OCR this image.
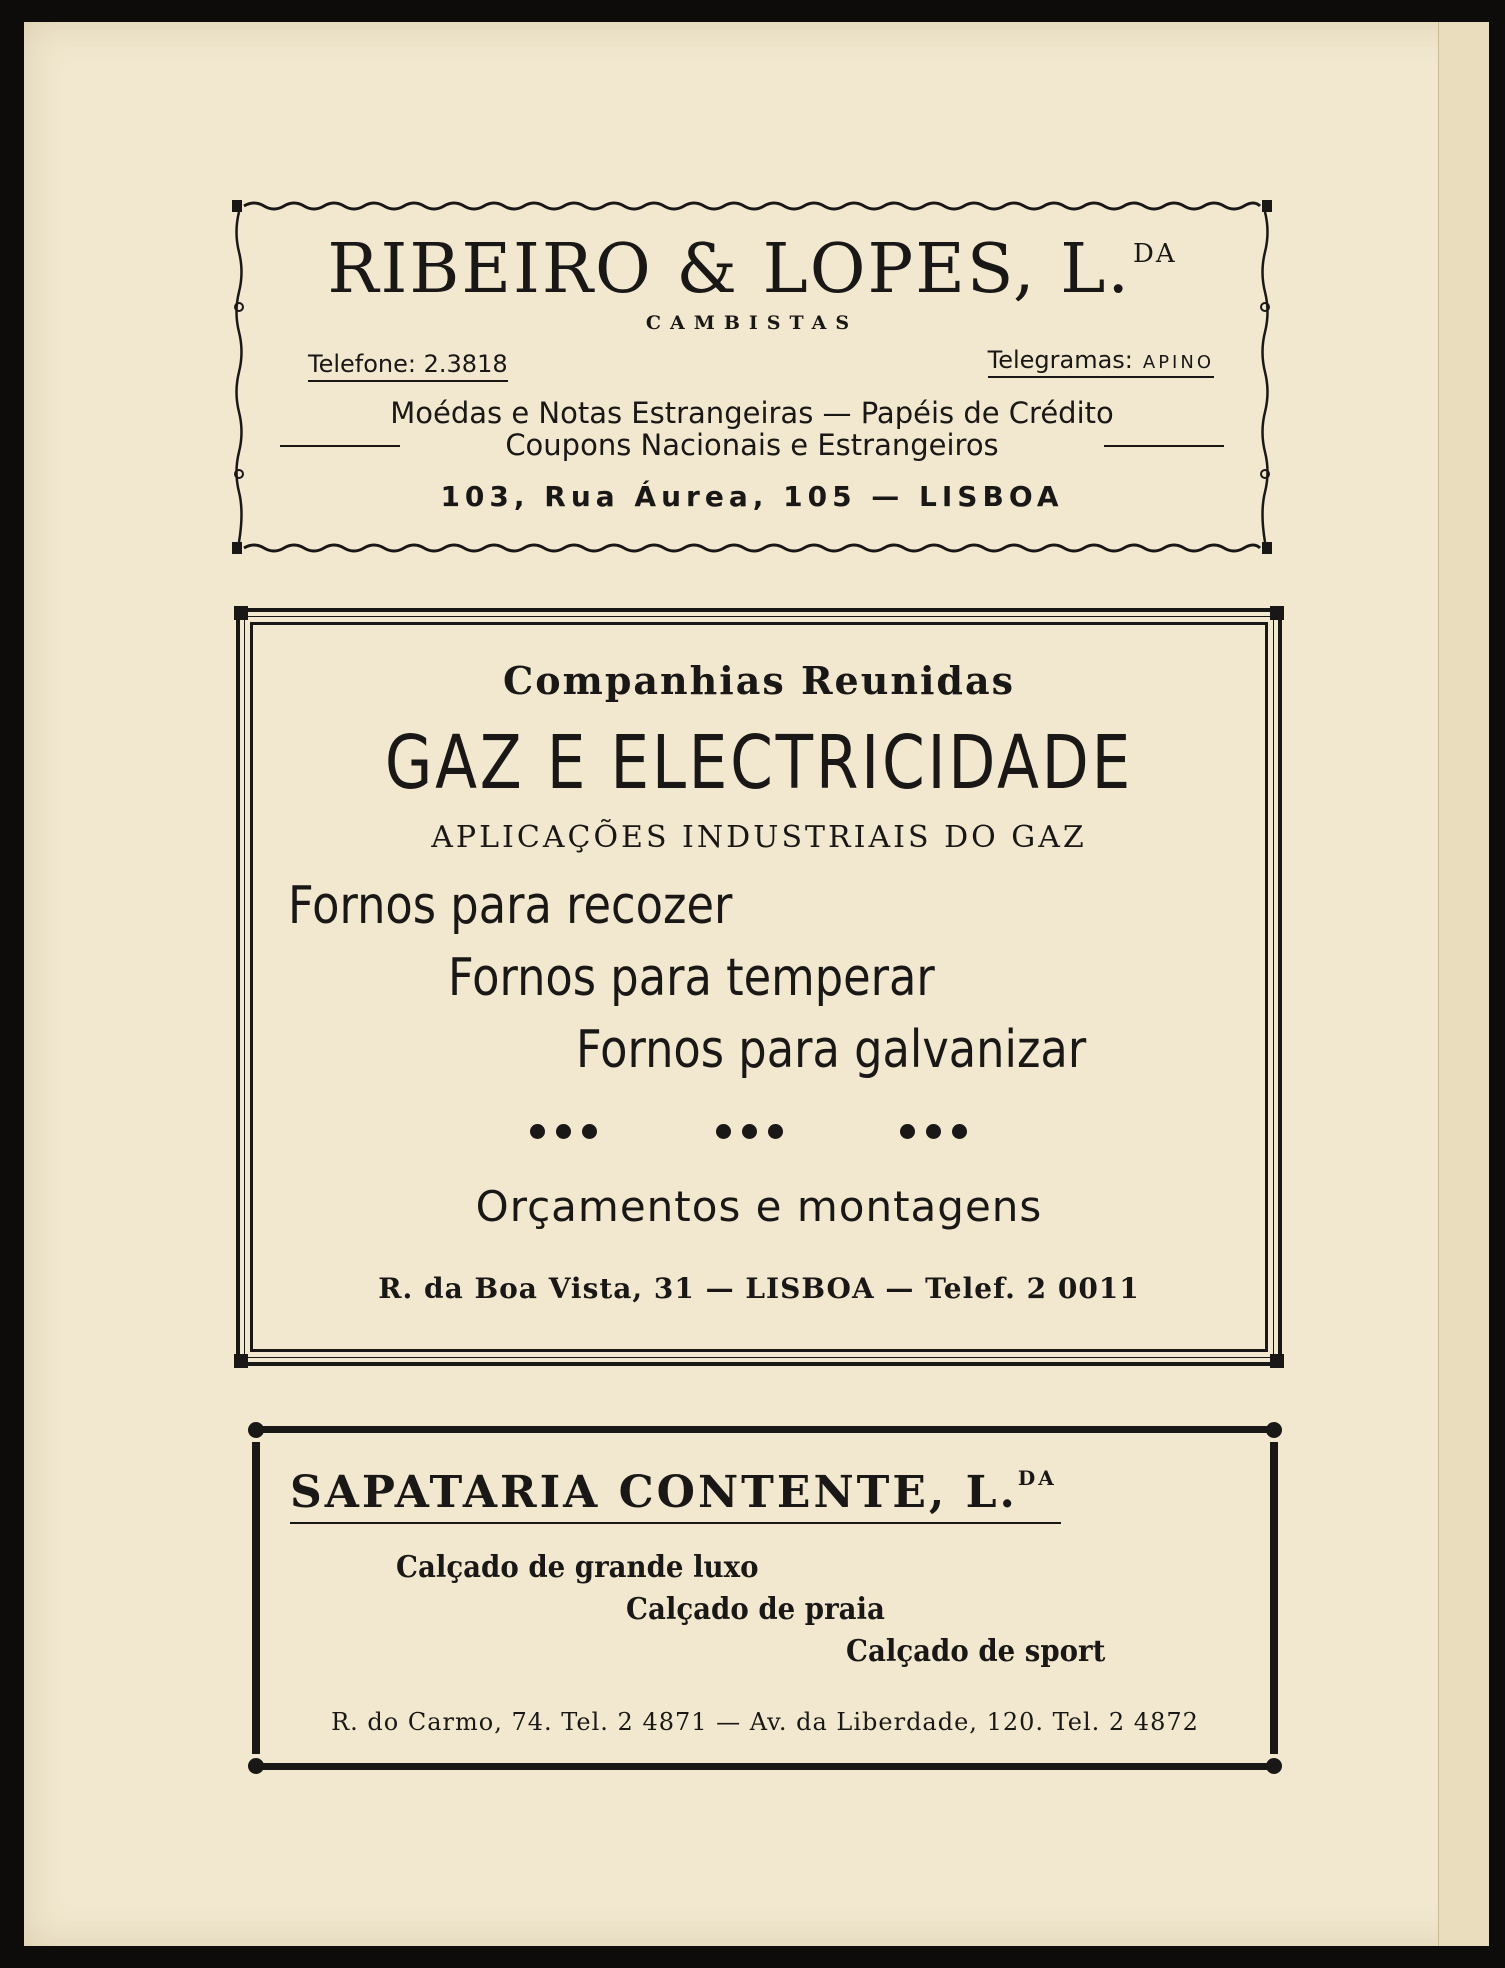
RIBEIRO & LOPES, L.$^{DA}$
CAMBISTAS
Telefone: 2.3818	Telegramas: APINO
Moédas e Notas Estrangeiras — Papéis de Crédito
Coupons Nacionais e Estrangeiros
103, Rua Áurea, 105 — LISBOA
Companhias Reunidas
GAZ E ELECTRICIDADE
APLICAÇÕES INDUSTRIAIS DO GAZ
Fornos para recozer
Fornos para temperar
Fornos para galvanizar
Orçamentos e montagens
R. da Boa Vista, 31 — LISBOA — Telef. 2 0011
SAPATARIA CONTENTE, L.$^{DA}$
Calçado de grande luxo
Calçado de praia
Calçado de sport
R. do Carmo, 74. Tel. 2 4871 — Av. da Liberdade, 120. Tel. 2 4872
